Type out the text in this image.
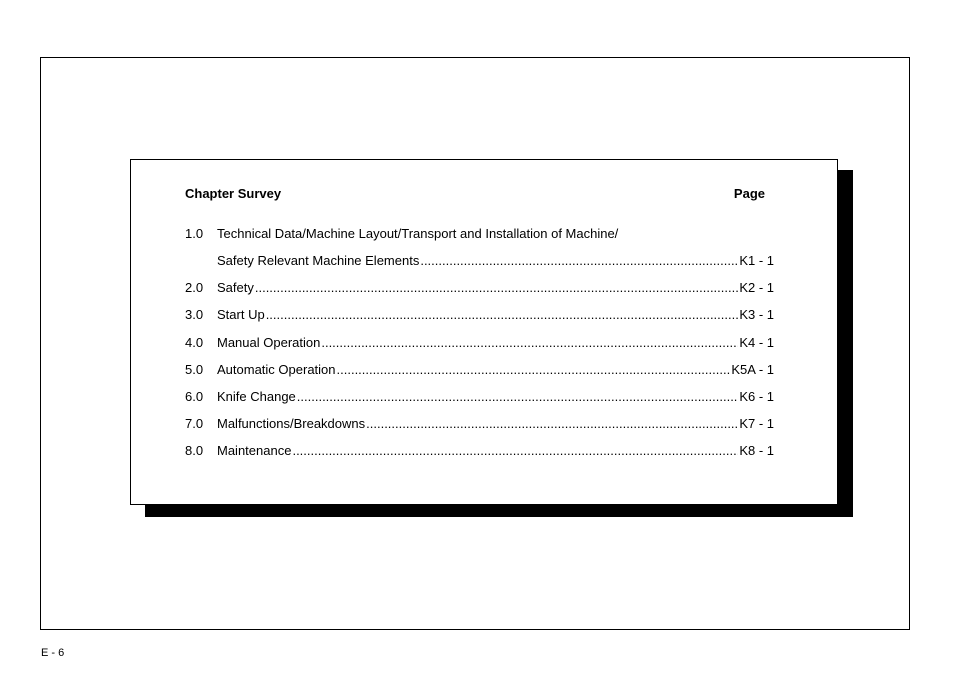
Chapter Survey	Page
1.0	Technical Data/Machine Layout/Transport and Installation of Machine/
Safety Relevant Machine Elements .....	K1 - 1
2.0	Safety .....	K2 - 1
3.0	Start Up .....	K3 - 1
4.0	Manual Operation .....	K4 - 1
5.0	Automatic Operation .....	K5A - 1
6.0	Knife Change .....	K6 - 1
7.0	Malfunctions/Breakdowns .....	K7 - 1
8.0	Maintenance .....	K8 - 1
E - 6
